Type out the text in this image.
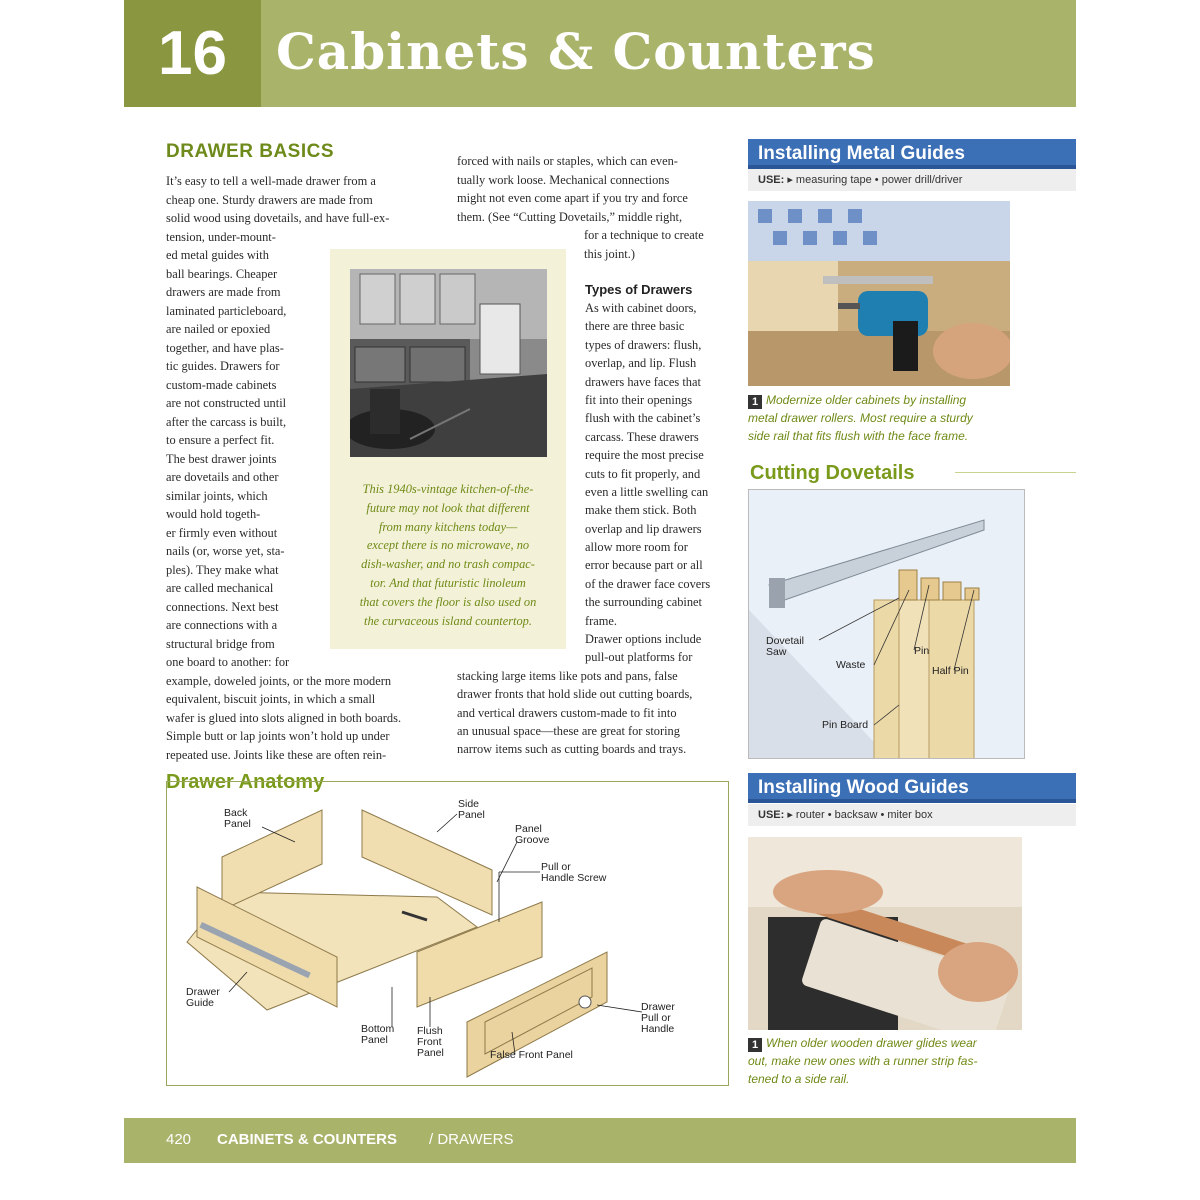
16 Cabinets & Counters
DRAWER BASICS
It’s easy to tell a well-made drawer from a
cheap one. Sturdy drawers are made from
solid wood using dovetails, and have full-ex-
tension, under-mount-
ed metal guides with
ball bearings. Cheaper
drawers are made from
laminated particleboard,
are nailed or epoxied
together, and have plas-
tic guides. Drawers for
custom-made cabinets
are not constructed until
after the carcass is built,
to ensure a perfect fit.
The best drawer joints
are dovetails and other
similar joints, which
would hold togeth-
er firmly even without
nails (or, worse yet, sta-
ples). They make what
are called mechanical
connections. Next best
are connections with a
structural bridge from
one board to another: for
example, doweled joints, or the more modern
equivalent, biscuit joints, in which a small
wafer is glued into slots aligned in both boards.
Simple butt or lap joints won’t hold up under
repeated use. Joints like these are often rein-
forced with nails or staples, which can even-
tually work loose. Mechanical connections
might not even come apart if you try and force
them. (See “Cutting Dovetails,” middle right,
for a technique to create
this joint.)
Types of Drawers
As with cabinet doors,
there are three basic
types of drawers: flush,
overlap, and lip. Flush
drawers have faces that
fit into their openings
flush with the cabinet’s
carcass. These drawers
require the most precise
cuts to fit properly, and
even a little swelling can
make them stick. Both
overlap and lip drawers
allow more room for
error because part or all
of the drawer face covers
the surrounding cabinet
frame.
Drawer options include
pull-out platforms for
stacking large items like pots and pans, false
drawer fronts that hold slide out cutting boards,
and vertical drawers custom-made to fit into
an unusual space—these are great for storing
narrow items such as cutting boards and trays.
This 1940s-vintage kitchen-of-the-
future may not look that different
from many kitchens today—
except there is no microwave, no
dish-washer, and no trash compac-
tor. And that futuristic linoleum
that covers the floor is also used on
the curvaceous island countertop.
Installing Metal Guides
USE: ▸ measuring tape • power drill/driver
1 Modernize older cabinets by installing
metal drawer rollers. Most require a sturdy
side rail that fits flush with the face frame.
Cutting Dovetails
Dovetail
Saw
Waste
Pin
Half Pin
Pin Board
Installing Wood Guides
USE: ▸ router • backsaw • miter box
1 When older wooden drawer glides wear
out, make new ones with a runner strip fas-
tened to a side rail.
Drawer Anatomy
Back
Panel
Side
Panel
Panel
Groove
Pull or
Handle Screw
Drawer
Guide
Bottom
Panel
Flush
Front
Panel	False Front Panel
Drawer
Pull or
Handle
420 CABINETS & COUNTERS / DRAWERS
